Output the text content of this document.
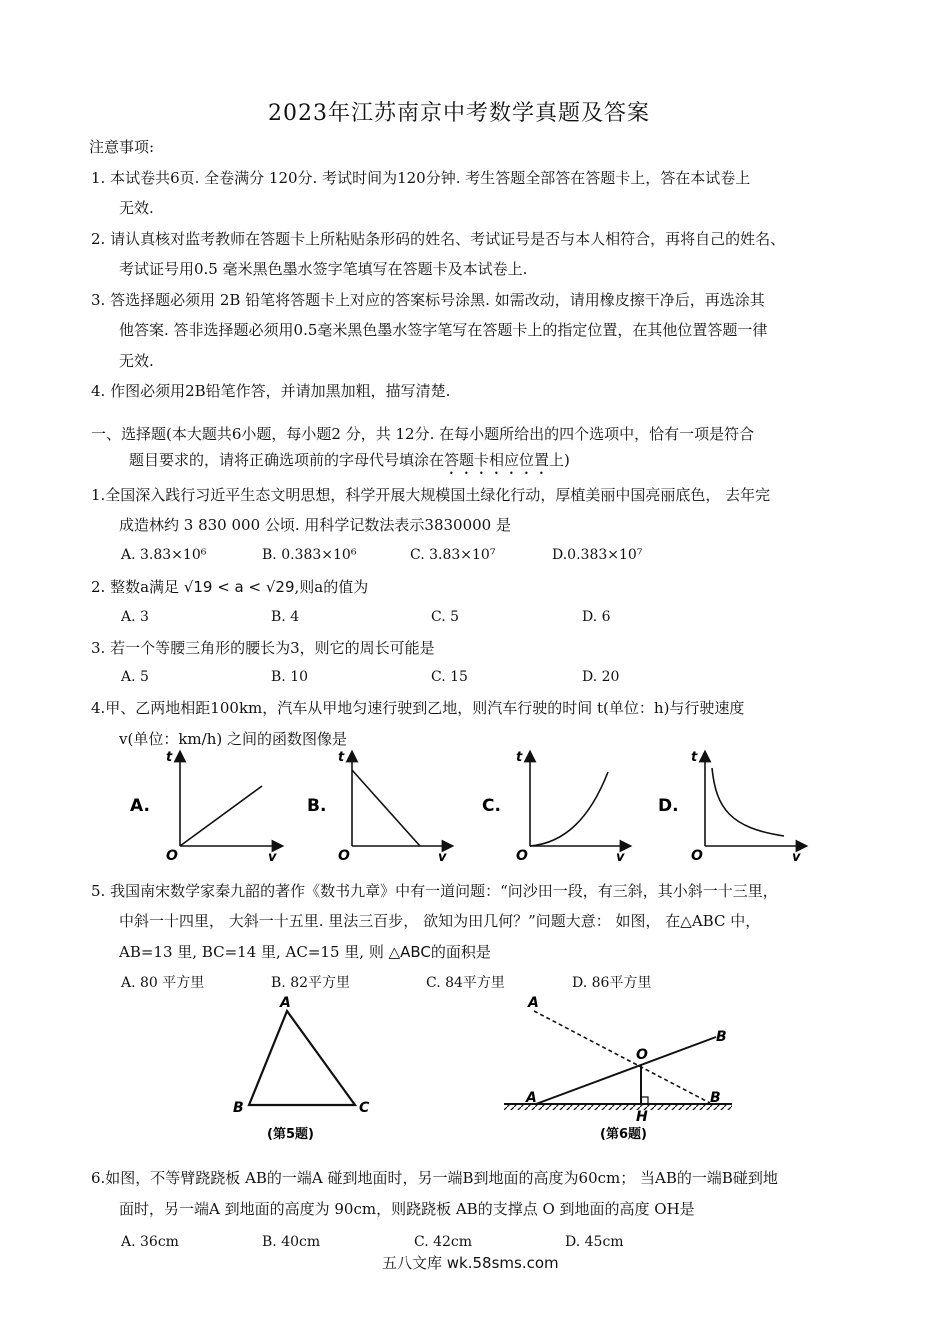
2023年江苏南京中考数学真题及答案
注意事项:
1. 本试卷共6页. 全卷满分 120分. 考试时间为120分钟. 考生答题全部答在答题卡上，答在本试卷上
无效.
2. 请认真核对监考教师在答题卡上所粘贴条形码的姓名、考试证号是否与本人相符合，再将自己的姓名、
考试证号用0.5 毫米黑色墨水签字笔填写在答题卡及本试卷上.
3. 答选择题必须用 2B 铅笔将答题卡上对应的答案标号涂黑. 如需改动，请用橡皮擦干净后，再选涂其
他答案. 答非选择题必须用0.5毫米黑色墨水签字笔写在答题卡上的指定位置，在其他位置答题一律
无效.
4. 作图必须用2B铅笔作答，并请加黑加粗，描写清楚.
一、选择题(本大题共6小题，每小题2 分，共 12分. 在每小题所给出的四个选项中，恰有一项是符合
题目要求的，请将正确选项前的字母代号填涂在答题卡相应位置上)
1.全国深入践行习近平生态文明思想，科学开展大规模国土绿化行动，厚植美丽中国亮丽底色， 去年完
成造林约 3 830 000 公顷. 用科学记数法表示3830000 是
A. 3.83×10⁶	B. 0.383×10⁶	C. 3.83×10⁷	D.0.383×10⁷
2. 整数a满足 √19 < a < √29,则a的值为
A. 3	B. 4	C. 5	D. 6
3. 若一个等腰三角形的腰长为3，则它的周长可能是
A. 5	B. 10	C. 15	D. 20
4.甲、乙两地相距100km，汽车从甲地匀速行驶到乙地，则汽车行驶的时间 t(单位：h)与行驶速度
v(单位：km/h) 之间的函数图像是
A.
t
v
O
B.
t
v
O
C.
t
v
O
D.
t
v
O
5. 我国南宋数学家秦九韶的著作《数书九章》中有一道问题：“问沙田一段，有三斜，其小斜一十三里，
中斜一十四里， 大斜一十五里. 里法三百步， 欲知为田几何？”问题大意： 如图， 在△ABC 中，
AB=13 里, BC=14 里, AC=15 里, 则 △ABC的面积是
A. 80 平方里	B. 82平方里	C. 84平方里	D. 86平方里
A
B	C
(第5题)
A
B
O
A
H
B
(第6题)
6.如图，不等臂跷跷板 AB的一端A 碰到地面时，另一端B到地面的高度为60cm； 当AB的一端B碰到地
面时，另一端A 到地面的高度为 90cm，则跷跷板 AB的支撑点 O 到地面的高度 OH是
A. 36cm	B. 40cm	C. 42cm	D. 45cm
五八文库 wk.58sms.com
